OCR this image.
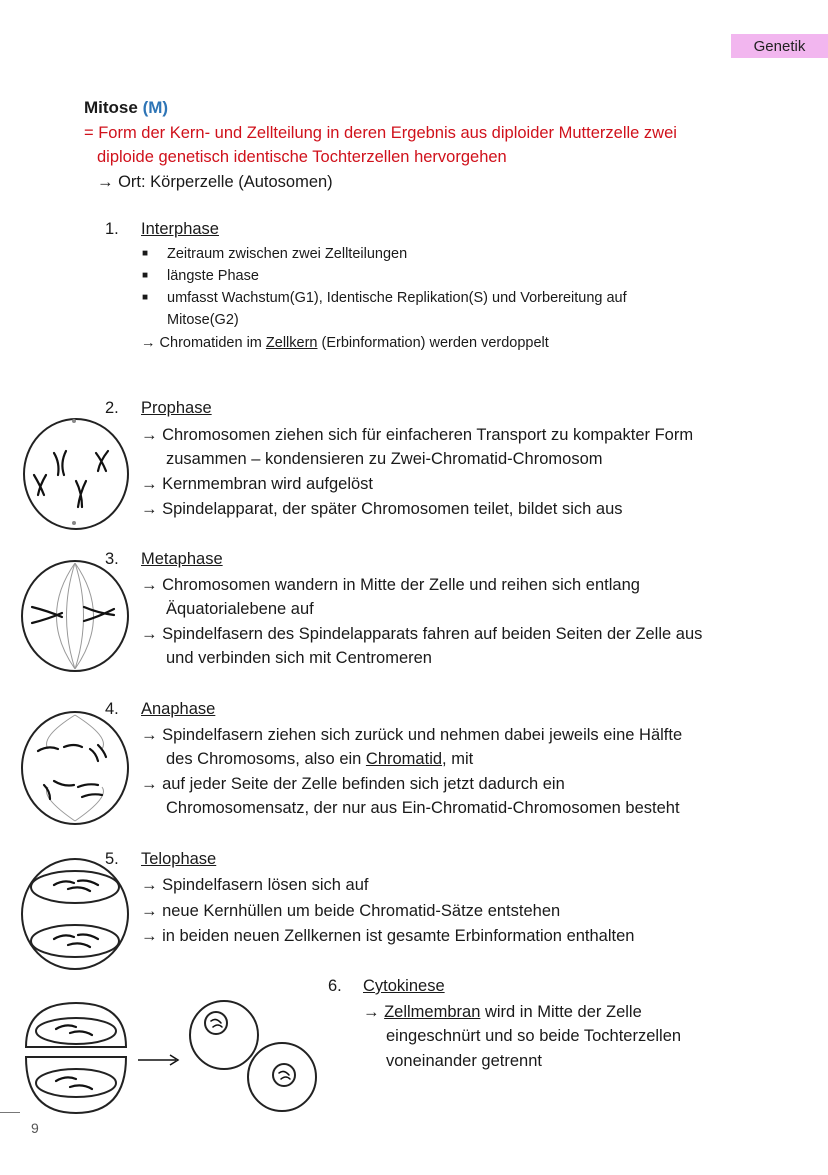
Genetik
Mitose (M)
= Form der Kern- und Zellteilung in deren Ergebnis aus diploider Mutterzelle zwei
diploide genetisch identische Tochterzellen hervorgehen
→ Ort: Körperzelle (Autosomen)
1. Interphase
■ Zeitraum zwischen zwei Zellteilungen
■ längste Phase
■ umfasst Wachstum(G1), Identische Replikation(S) und Vorbereitung auf
Mitose(G2)
→ Chromatiden im Zellkern (Erbinformation) werden verdoppelt
2. Prophase
→ Chromosomen ziehen sich für einfacheren Transport zu kompakter Form
zusammen – kondensieren zu Zwei-Chromatid-Chromosom
→ Kernmembran wird aufgelöst
→ Spindelapparat, der später Chromosomen teilet, bildet sich aus
3. Metaphase
→ Chromosomen wandern in Mitte der Zelle und reihen sich entlang
Äquatorialebene auf
→ Spindelfasern des Spindelapparats fahren auf beiden Seiten der Zelle aus
und verbinden sich mit Centromeren
4. Anaphase
→ Spindelfasern ziehen sich zurück und nehmen dabei jeweils eine Hälfte
des Chromosoms, also ein Chromatid, mit
→ auf jeder Seite der Zelle befinden sich jetzt dadurch ein
Chromosomensatz, der nur aus Ein-Chromatid-Chromosomen besteht
5. Telophase
→ Spindelfasern lösen sich auf
→ neue Kernhüllen um beide Chromatid-Sätze entstehen
→ in beiden neuen Zellkernen ist gesamte Erbinformation enthalten
6. Cytokinese
→ Zellmembran wird in Mitte der Zelle
eingeschnürt und so beide Tochterzellen
voneinander getrennt
9
